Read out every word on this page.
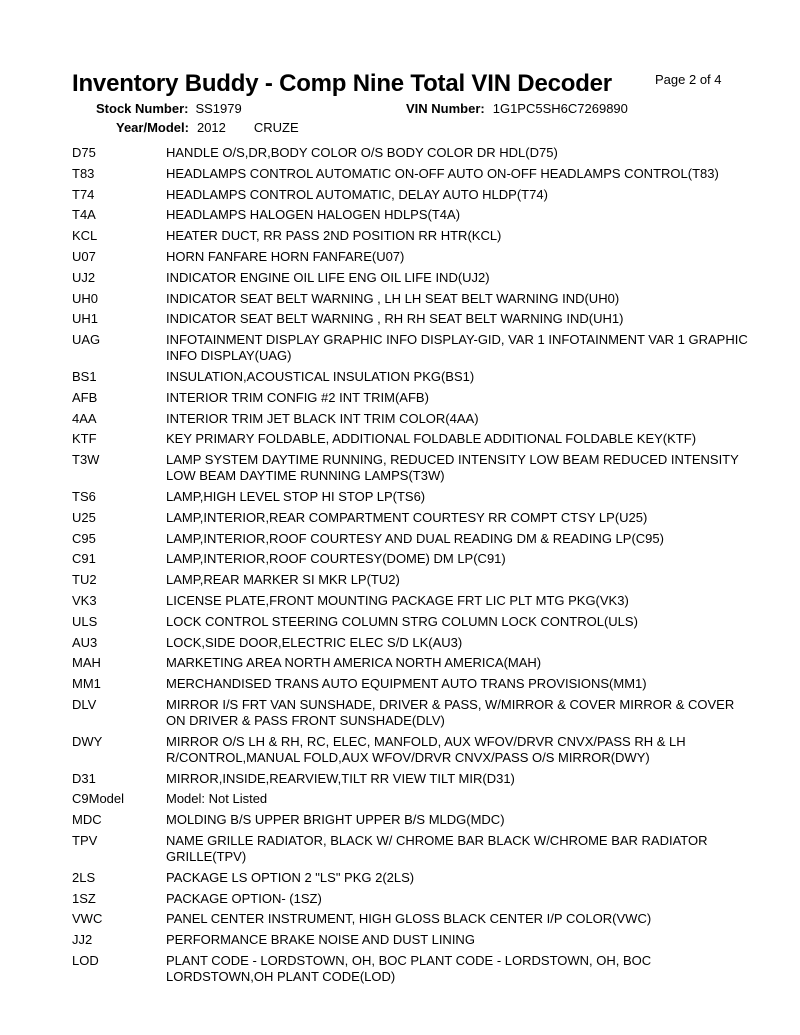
Inventory Buddy - Comp Nine Total VIN Decoder	Page 2 of 4
Stock Number: SS1979	VIN Number: 1G1PC5SH6C7269890
Year/Model: 2012 CRUZE
D75	HANDLE O/S,DR,BODY COLOR O/S BODY COLOR DR HDL(D75)
T83	HEADLAMPS CONTROL AUTOMATIC ON-OFF AUTO ON-OFF HEADLAMPS CONTROL(T83)
T74	HEADLAMPS CONTROL AUTOMATIC, DELAY AUTO HLDP(T74)
T4A	HEADLAMPS HALOGEN HALOGEN HDLPS(T4A)
KCL	HEATER DUCT, RR PASS 2ND POSITION RR HTR(KCL)
U07	HORN FANFARE HORN FANFARE(U07)
UJ2	INDICATOR ENGINE OIL LIFE ENG OIL LIFE IND(UJ2)
UH0	INDICATOR SEAT BELT WARNING , LH LH SEAT BELT WARNING IND(UH0)
UH1	INDICATOR SEAT BELT WARNING , RH RH SEAT BELT WARNING IND(UH1)
UAG	INFOTAINMENT DISPLAY GRAPHIC INFO DISPLAY-GID, VAR 1 INFOTAINMENT VAR 1 GRAPHIC INFO DISPLAY(UAG)
BS1	INSULATION,ACOUSTICAL INSULATION PKG(BS1)
AFB	INTERIOR TRIM CONFIG #2 INT TRIM(AFB)
4AA	INTERIOR TRIM JET BLACK INT TRIM COLOR(4AA)
KTF	KEY PRIMARY FOLDABLE, ADDITIONAL FOLDABLE ADDITIONAL FOLDABLE KEY(KTF)
T3W	LAMP SYSTEM DAYTIME RUNNING, REDUCED INTENSITY LOW BEAM REDUCED INTENSITY LOW BEAM DAYTIME RUNNING LAMPS(T3W)
TS6	LAMP,HIGH LEVEL STOP HI STOP LP(TS6)
U25	LAMP,INTERIOR,REAR COMPARTMENT COURTESY RR COMPT CTSY LP(U25)
C95	LAMP,INTERIOR,ROOF COURTESY AND DUAL READING DM & READING LP(C95)
C91	LAMP,INTERIOR,ROOF COURTESY(DOME) DM LP(C91)
TU2	LAMP,REAR MARKER SI MKR LP(TU2)
VK3	LICENSE PLATE,FRONT MOUNTING PACKAGE FRT LIC PLT MTG PKG(VK3)
ULS	LOCK CONTROL STEERING COLUMN STRG COLUMN LOCK CONTROL(ULS)
AU3	LOCK,SIDE DOOR,ELECTRIC ELEC S/D LK(AU3)
MAH	MARKETING AREA NORTH AMERICA NORTH AMERICA(MAH)
MM1	MERCHANDISED TRANS AUTO EQUIPMENT AUTO TRANS PROVISIONS(MM1)
DLV	MIRROR I/S FRT VAN SUNSHADE, DRIVER & PASS, W/MIRROR & COVER MIRROR & COVER ON DRIVER & PASS FRONT SUNSHADE(DLV)
DWY	MIRROR O/S LH & RH, RC, ELEC, MANFOLD, AUX WFOV/DRVR CNVX/PASS RH & LH R/CONTROL,MANUAL FOLD,AUX WFOV/DRVR CNVX/PASS O/S MIRROR(DWY)
D31	MIRROR,INSIDE,REARVIEW,TILT RR VIEW TILT MIR(D31)
C9Model	Model: Not Listed
MDC	MOLDING B/S UPPER BRIGHT UPPER B/S MLDG(MDC)
TPV	NAME GRILLE RADIATOR, BLACK W/ CHROME BAR BLACK W/CHROME BAR RADIATOR GRILLE(TPV)
2LS	PACKAGE LS OPTION 2 "LS" PKG 2(2LS)
1SZ	PACKAGE OPTION- (1SZ)
VWC	PANEL CENTER INSTRUMENT, HIGH GLOSS BLACK CENTER I/P COLOR(VWC)
JJ2	PERFORMANCE BRAKE NOISE AND DUST LINING
LOD	PLANT CODE - LORDSTOWN, OH, BOC PLANT CODE - LORDSTOWN, OH, BOC LORDSTOWN,OH PLANT CODE(LOD)
